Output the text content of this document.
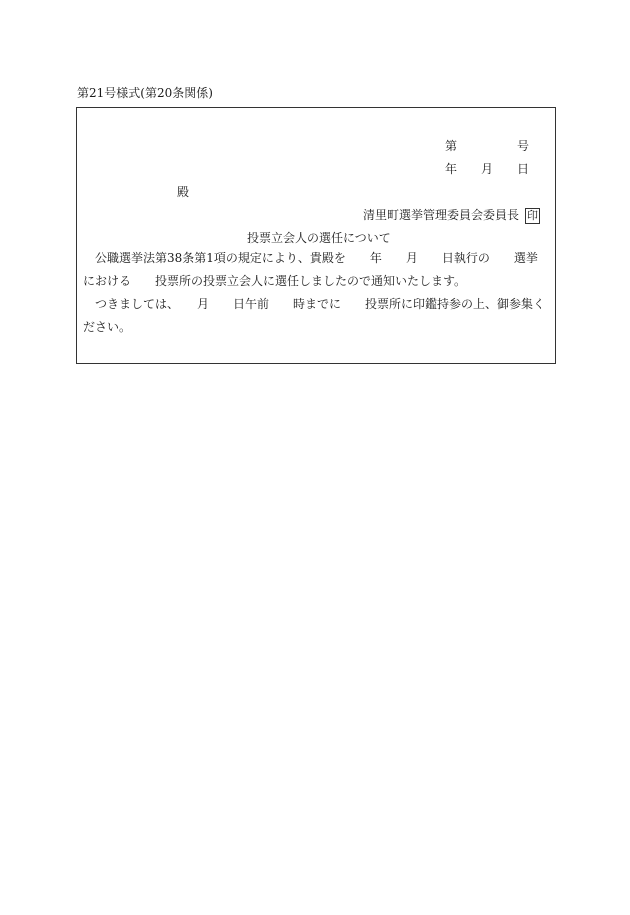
第21号様式(第20条関係)
第	号
年 月 日
殿
清里町選挙管理委員会委員長 印
投票立会人の選任について

公職選挙法第38条第1項の規定により、貴殿を　　年　　月　　日執行の　　選挙における　　投票所の投票立会人に選任しましたので通知いたします。

つきましては、　　月　　日午前　　時までに　　投票所に印鑑持参の上、御参集ください。
